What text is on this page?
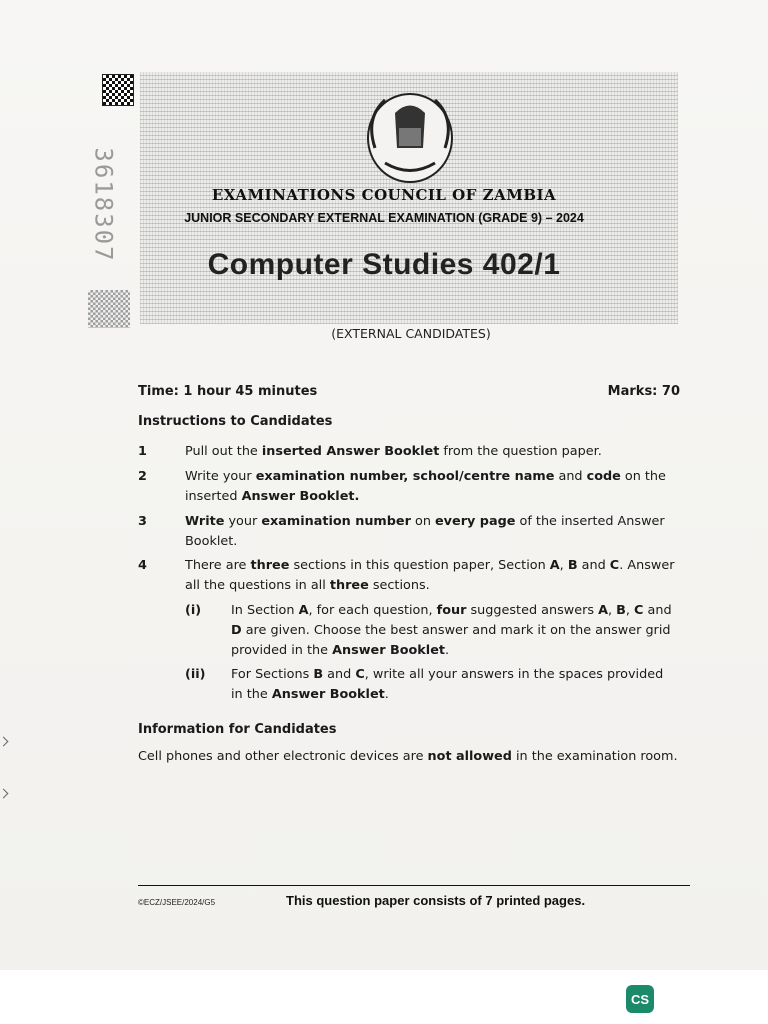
3618307	EXAMINATIONS COUNCIL OF ZAMBIA
JUNIOR SECONDARY EXTERNAL EXAMINATION (GRADE 9) – 2024
Computer Studies 402/1
(EXTERNAL CANDIDATES)
Time: 1 hour 45 minutes	Marks: 70
Instructions to Candidates
1	Pull out the inserted Answer Booklet from the question paper.
2	Write your examination number, school/centre name and code on the inserted Answer Booklet.
3	Write your examination number on every page of the inserted Answer Booklet.
4	There are three sections in this question paper, Section A, B and C. Answer all the questions in all three sections.
(i) In Section A, for each question, four suggested answers A, B, C and D are given. Choose the best answer and mark it on the answer grid provided in the Answer Booklet.
(ii) For Sections B and C, write all your answers in the spaces provided in the Answer Booklet.
Information for Candidates
Cell phones and other electronic devices are not allowed in the examination room.
©ECZ/JSEE/2024/G5	This question paper consists of 7 printed pages.
CS
